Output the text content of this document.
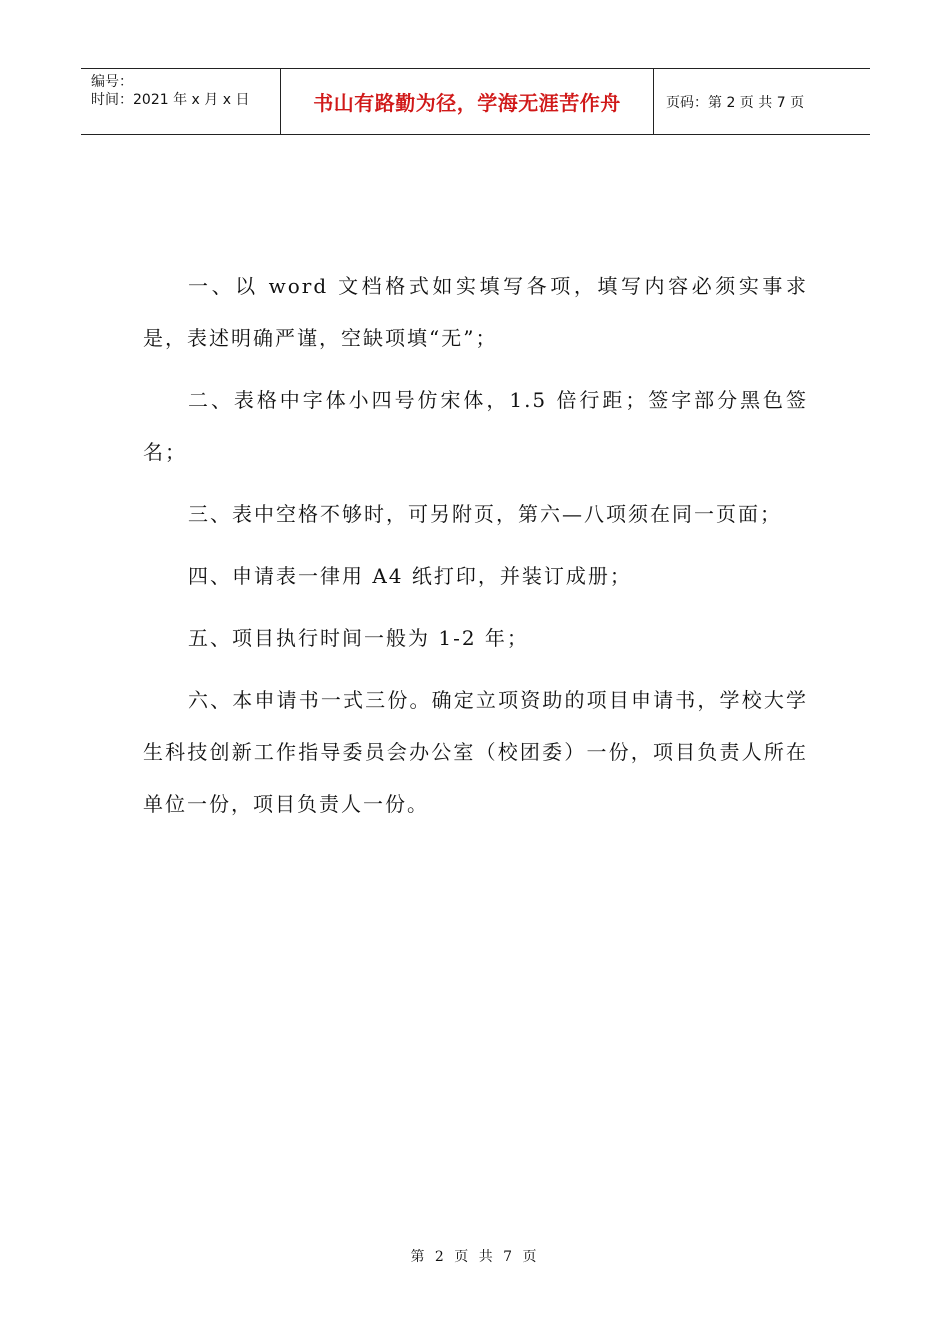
编号：
时间：2021 年 x 月 x 日	书山有路勤为径，学海无涯苦作舟	页码：第 2 页 共 7 页

一、以 word 文档格式如实填写各项，填写内容必须实事求是，表述明确严谨，空缺项填“无”；

二、表格中字体小四号仿宋体，1.5 倍行距；签字部分黑色签名；

三、表中空格不够时，可另附页，第六—八项须在同一页面；

四、申请表一律用 A4 纸打印，并装订成册；

五、项目执行时间一般为 1-2 年；

六、本申请书一式三份。确定立项资助的项目申请书，学校大学生科技创新工作指导委员会办公室（校团委）一份，项目负责人所在单位一份，项目负责人一份。

第 2 页 共 7 页
